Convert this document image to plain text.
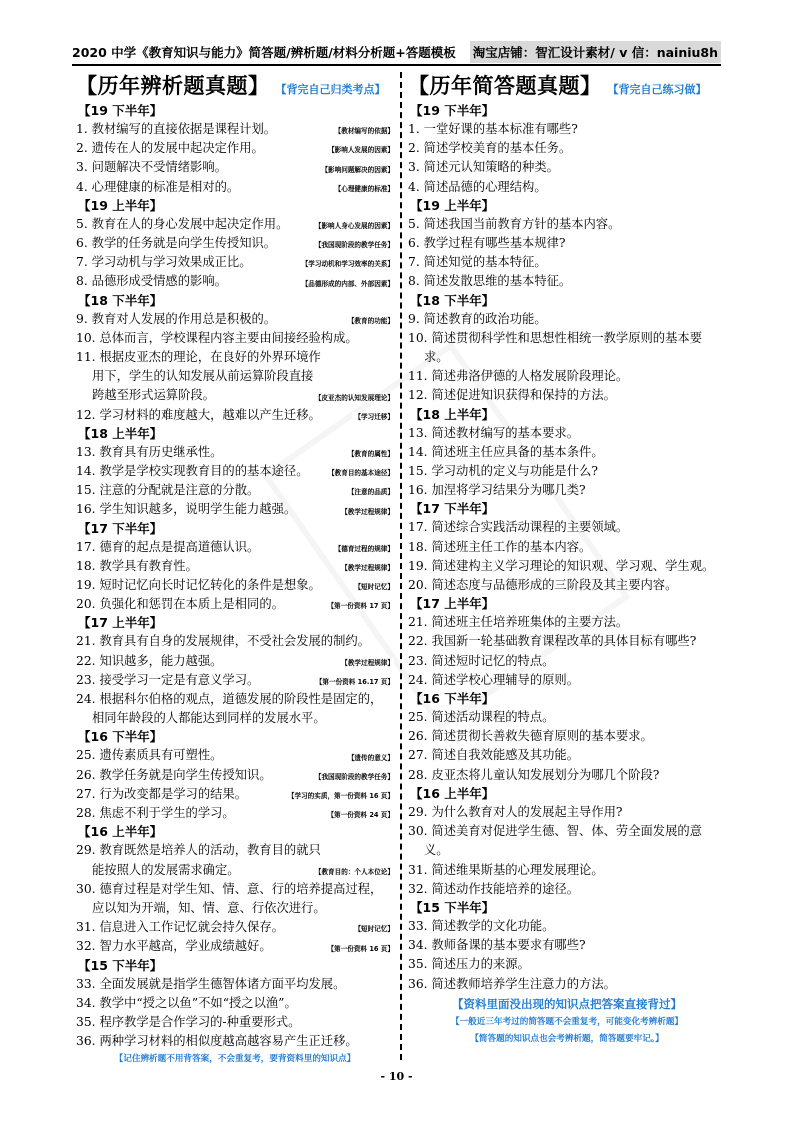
2020 中学《教育知识与能力》简答题/辨析题/材料分析题+答题模板 淘宝店铺：智汇设计素材/ v 信：nainiu8h
【历年辨析题真题】 【背完自己归类考点】
【19 下半年】
1. 教材编写的直接依据是课程计划。	【教材编写的依据】
2. 遗传在人的发展中起决定作用。	【影响人发展的因素】
3. 问题解决不受情绪影响。	【影响问题解决的因素】
4. 心理健康的标准是相对的。	【心理健康的标准】
【19 上半年】
5. 教育在人的身心发展中起决定作用。	【影响人身心发展的因素】
6. 教学的任务就是向学生传授知识。	【我国现阶段的教学任务】
7. 学习动机与学习效果成正比。	【学习动机和学习效率的关系】
8. 品德形成受情感的影响。	【品德形成的内部、外部因素】
【18 下半年】
9. 教育对人发展的作用总是积极的。	【教育的功能】
10. 总体而言，学校课程内容主要由间接经验构成。
11. 根据皮亚杰的理论，在良好的外界环境作用下，学生的认知发展从前运算阶段直接跨越至形式运算阶段。	【皮亚杰的认知发展理论】
12. 学习材料的难度越大，越难以产生迁移。	【学习迁移】
【18 上半年】
13. 教育具有历史继承性。	【教育的属性】
14. 教学是学校实现教育目的的基本途径。	【教育目的基本途径】
15. 注意的分配就是注意的分散。	【注意的品质】
16. 学生知识越多，说明学生能力越强。	【教学过程规律】
【17 下半年】
17. 德育的起点是提高道德认识。	【德育过程的规律】
18. 教学具有教育性。	【教学过程规律】
19. 短时记忆向长时记忆转化的条件是想象。	【短时记忆】
20. 负强化和惩罚在本质上是相同的。	【第一份资料 17 页】
【17 上半年】
21. 教育具有自身的发展规律，不受社会发展的制约。
22. 知识越多，能力越强。	【教学过程规律】
23. 接受学习一定是有意义学习。	【第一份资料 16.17 页】
24. 根据科尔伯格的观点，道德发展的阶段性是固定的，相同年龄段的人都能达到同样的发展水平。
【16 下半年】
25. 遗传素质具有可塑性。	【遗传的意义】
26. 教学任务就是向学生传授知识。	【我国现阶段的教学任务】
27. 行为改变都是学习的结果。	【学习的实质，第一份资料 16 页】
28. 焦虑不利于学生的学习。	【第一份资料 24 页】
【16 上半年】
29. 教育既然是培养人的活动，教育目的就只能按照人的发展需求确定。	【教育目的：个人本位论】
30. 德育过程是对学生知、情、意、行的培养提高过程，应以知为开端，知、情、意、行依次进行。
31. 信息进入工作记忆就会持久保存。	【短时记忆】
32. 智力水平越高，学业成绩越好。	【第一份资料 16 页】
【15 下半年】
33. 全面发展就是指学生德智体诸方面平均发展。
34. 教学中“授之以鱼”不如“授之以渔”。
35. 程序教学是合作学习的-种重要形式。
36. 两种学习材料的相似度越高越容易产生正迁移。
【记住辨析题不用背答案，不会重复考，要背资料里的知识点】
【历年简答题真题】 【背完自己练习做】
【19 下半年】
1. 一堂好课的基本标准有哪些?
2. 简述学校美育的基本任务。
3. 简述元认知策略的种类。
4. 简述品德的心理结构。
【19 上半年】
5. 简述我国当前教育方针的基本内容。
6. 教学过程有哪些基本规律?
7. 简述知觉的基本特征。
8. 简述发散思维的基本特征。
【18 下半年】
9. 简述教育的政治功能。
10. 简述贯彻科学性和思想性相统一教学原则的基本要求。
11. 简述弗洛伊德的人格发展阶段理论。
12. 简述促进知识获得和保持的方法。
【18 上半年】
13. 简述教材编写的基本要求。
14. 简述班主任应具备的基本条件。
15. 学习动机的定义与功能是什么?
16. 加涅将学习结果分为哪几类?
【17 下半年】
17. 简述综合实践活动课程的主要领域。
18. 简述班主任工作的基本内容。
19. 简述建构主义学习理论的知识观、学习观、学生观。
20. 简述态度与品德形成的三阶段及其主要内容。
【17 上半年】
21. 简述班主任培养班集体的主要方法。
22. 我国新一轮基础教育课程改革的具体目标有哪些?
23. 简述短时记忆的特点。
24. 简述学校心理辅导的原则。
【16 下半年】
25. 简述活动课程的特点。
26. 简述贯彻长善救失德育原则的基本要求。
27. 简述自我效能感及其功能。
28. 皮亚杰将儿童认知发展划分为哪几个阶段?
【16 上半年】
29. 为什么教育对人的发展起主导作用?
30. 简述美育对促进学生德、智、体、劳全面发展的意义。
31. 简述维果斯基的心理发展理论。
32. 简述动作技能培养的途径。
【15 下半年】
33. 简述教学的文化功能。
34. 教师备课的基本要求有哪些?
35. 简述压力的来源。
36. 简述教师培养学生注意力的方法。
【资料里面没出现的知识点把答案直接背过】
【一般近三年考过的简答题不会重复考，可能变化考辨析题】
【简答题的知识点也会考辨析题，简答题要牢记。】
- 10 -
